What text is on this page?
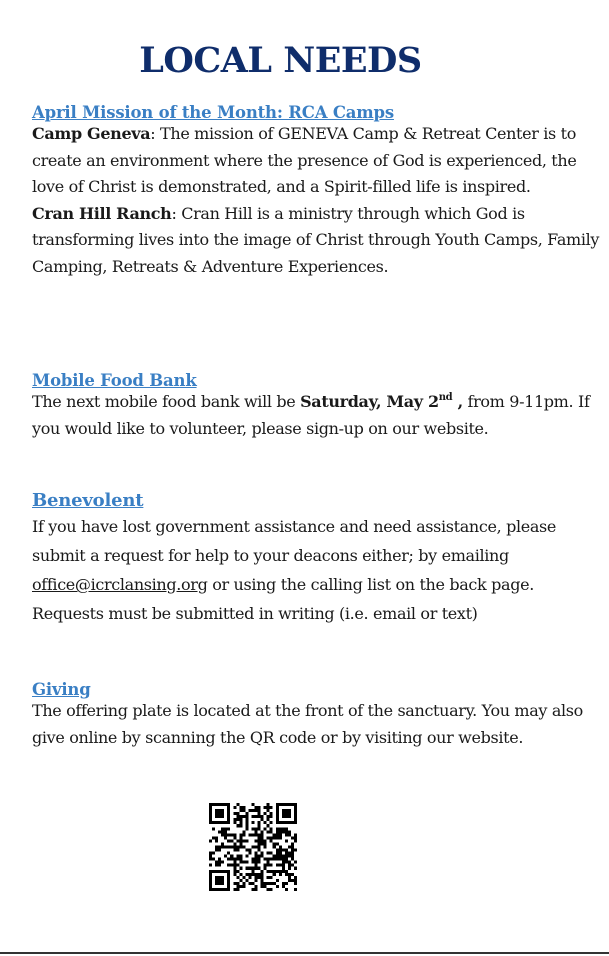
LOCAL NEEDS
April Mission of the Month: RCA Camps
Camp Geneva: The mission of GENEVA Camp & Retreat Center is to create an environment where the presence of God is experienced, the love of Christ is demonstrated, and a Spirit-filled life is inspired.
Cran Hill Ranch: Cran Hill is a ministry through which God is transforming lives into the image of Christ through Youth Camps, Family Camping, Retreats & Adventure Experiences.
Mobile Food Bank
The next mobile food bank will be Saturday, May 2nd , from 9-11pm. If you would like to volunteer, please sign-up on our website.
Benevolent
If you have lost government assistance and need assistance, please submit a request for help to your deacons either; by emailing office@icrclansing.org or using the calling list on the back page. Requests must be submitted in writing (i.e. email or text)
Giving
The offering plate is located at the front of the sanctuary. You may also give online by scanning the QR code or by visiting our website.
